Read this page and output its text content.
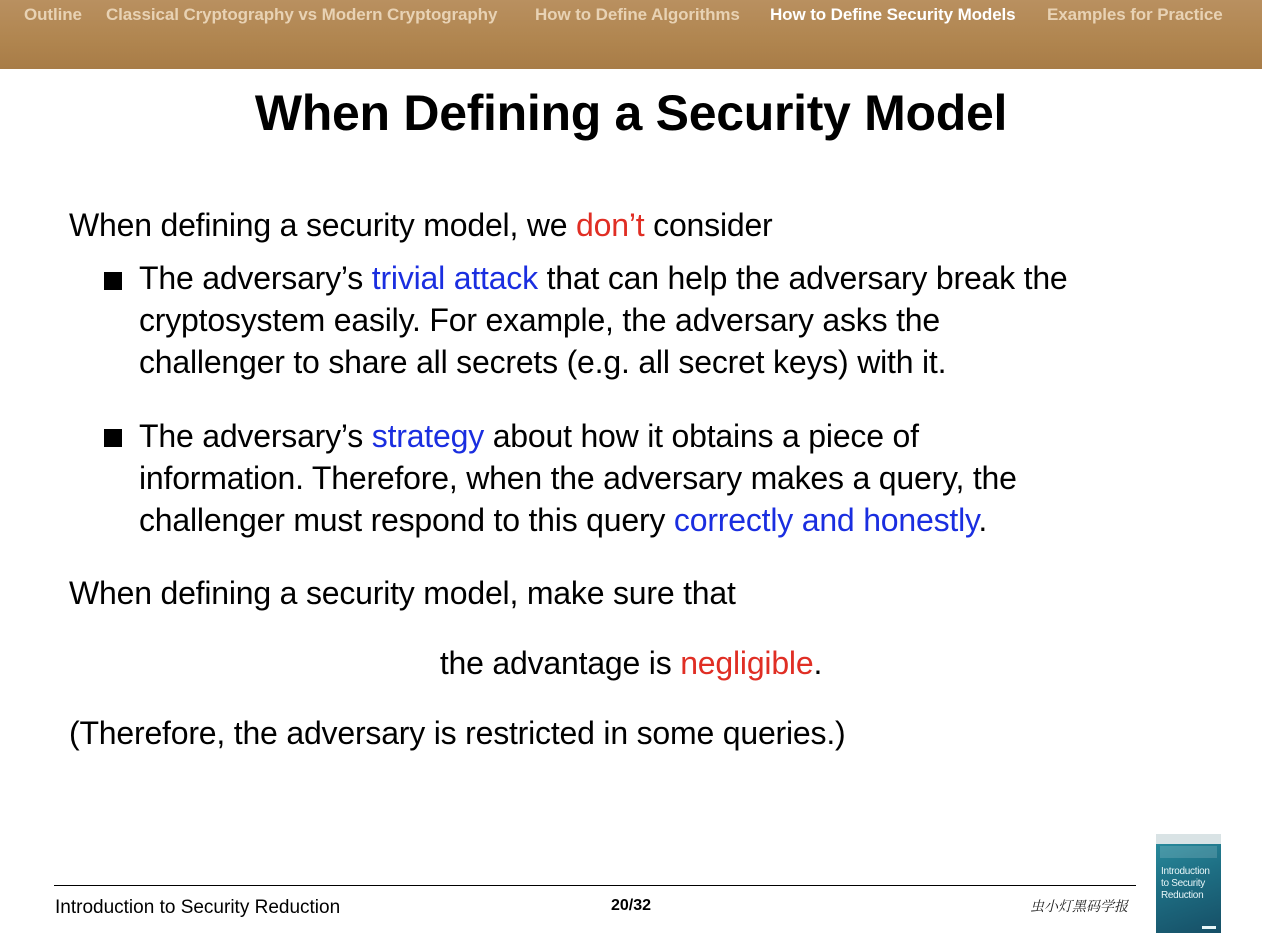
Outline Classical Cryptography vs Modern Cryptography How to Define Algorithms How to Define Security Models Examples for Practice
When Defining a Security Model
When defining a security model, we don’t consider
The adversary’s trivial attack that can help the adversary break the
cryptosystem easily. For example, the adversary asks the
challenger to share all secrets (e.g. all secret keys) with it.
The adversary’s strategy about how it obtains a piece of
information. Therefore, when the adversary makes a query, the
challenger must respond to this query correctly and honestly.
When defining a security model, make sure that
the advantage is negligible.
(Therefore, the adversary is restricted in some queries.)
Introduction to Security Reduction	20/32	虫小灯黑码学报
Introduction
to Security
Reduction
